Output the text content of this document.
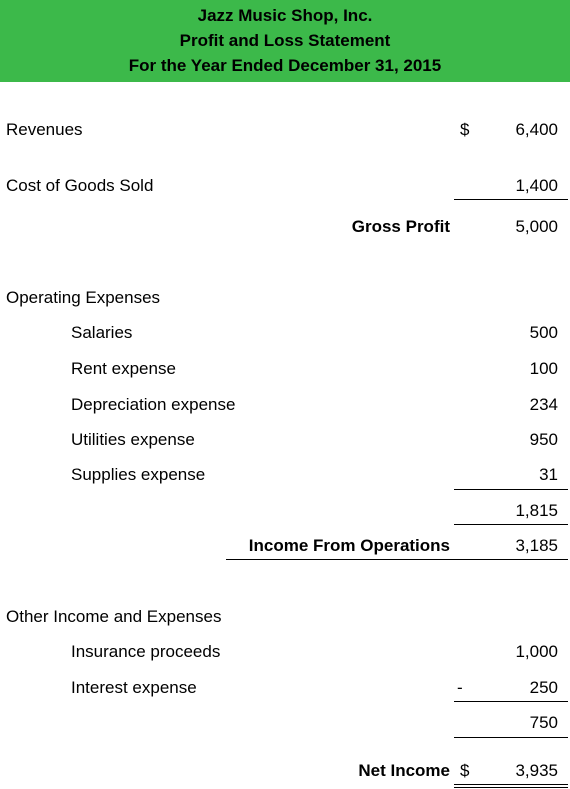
Jazz Music Shop, Inc.
Profit and Loss Statement
For the Year Ended December 31, 2015
Revenues	$	6,400
Cost of Goods Sold	1,400
Gross Profit	5,000
Operating Expenses
Salaries	500
Rent expense	100
Depreciation expense	234
Utilities expense	950
Supplies expense	31
1,815
Income From Operations	3,185
Other Income and Expenses
Insurance proceeds	1,000
Interest expense	-	250
750
Net Income $	3,935
